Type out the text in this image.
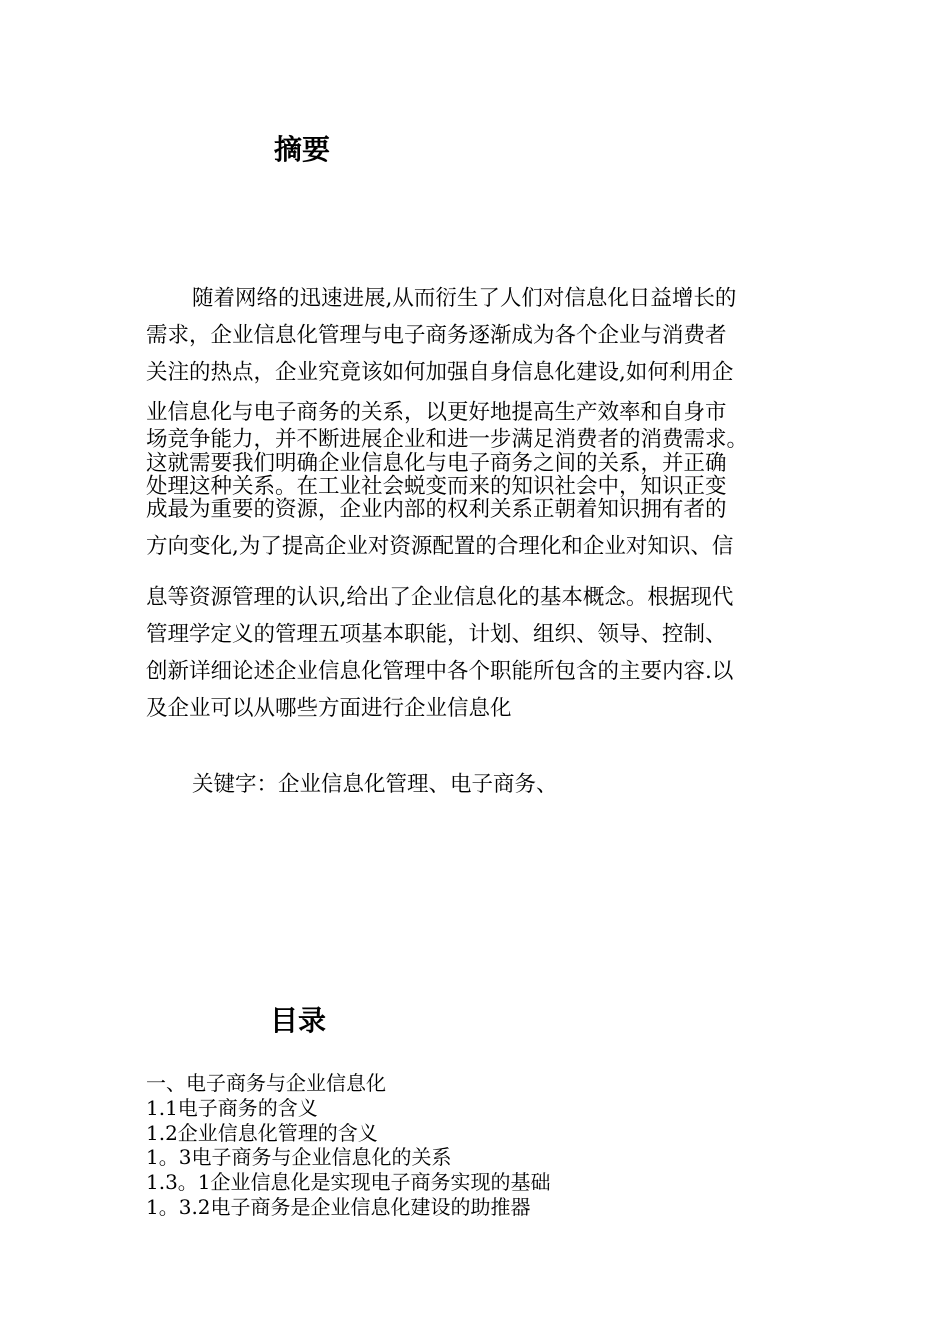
摘要
随着网络的迅速进展,从而衍生了人们对信息化日益增长的
需求，企业信息化管理与电子商务逐渐成为各个企业与消费者
关注的热点，企业究竟该如何加强自身信息化建设,如何利用企
业信息化与电子商务的关系，以更好地提高生产效率和自身市
场竞争能力，并不断进展企业和进一步满足消费者的消费需求。
这就需要我们明确企业信息化与电子商务之间的关系，并正确
处理这种关系。在工业社会蜕变而来的知识社会中，知识正变
成最为重要的资源，企业内部的权利关系正朝着知识拥有者的
方向变化,为了提高企业对资源配置的合理化和企业对知识、信
息等资源管理的认识,给出了企业信息化的基本概念。根据现代
管理学定义的管理五项基本职能，计划、组织、领导、控制、
创新详细论述企业信息化管理中各个职能所包含的主要内容.以
及企业可以从哪些方面进行企业信息化
关键字：企业信息化管理、电子商务、
目录
一、电子商务与企业信息化
1.1电子商务的含义
1.2企业信息化管理的含义
1。3电子商务与企业信息化的关系
1.3。1企业信息化是实现电子商务实现的基础
1。3.2电子商务是企业信息化建设的助推器
